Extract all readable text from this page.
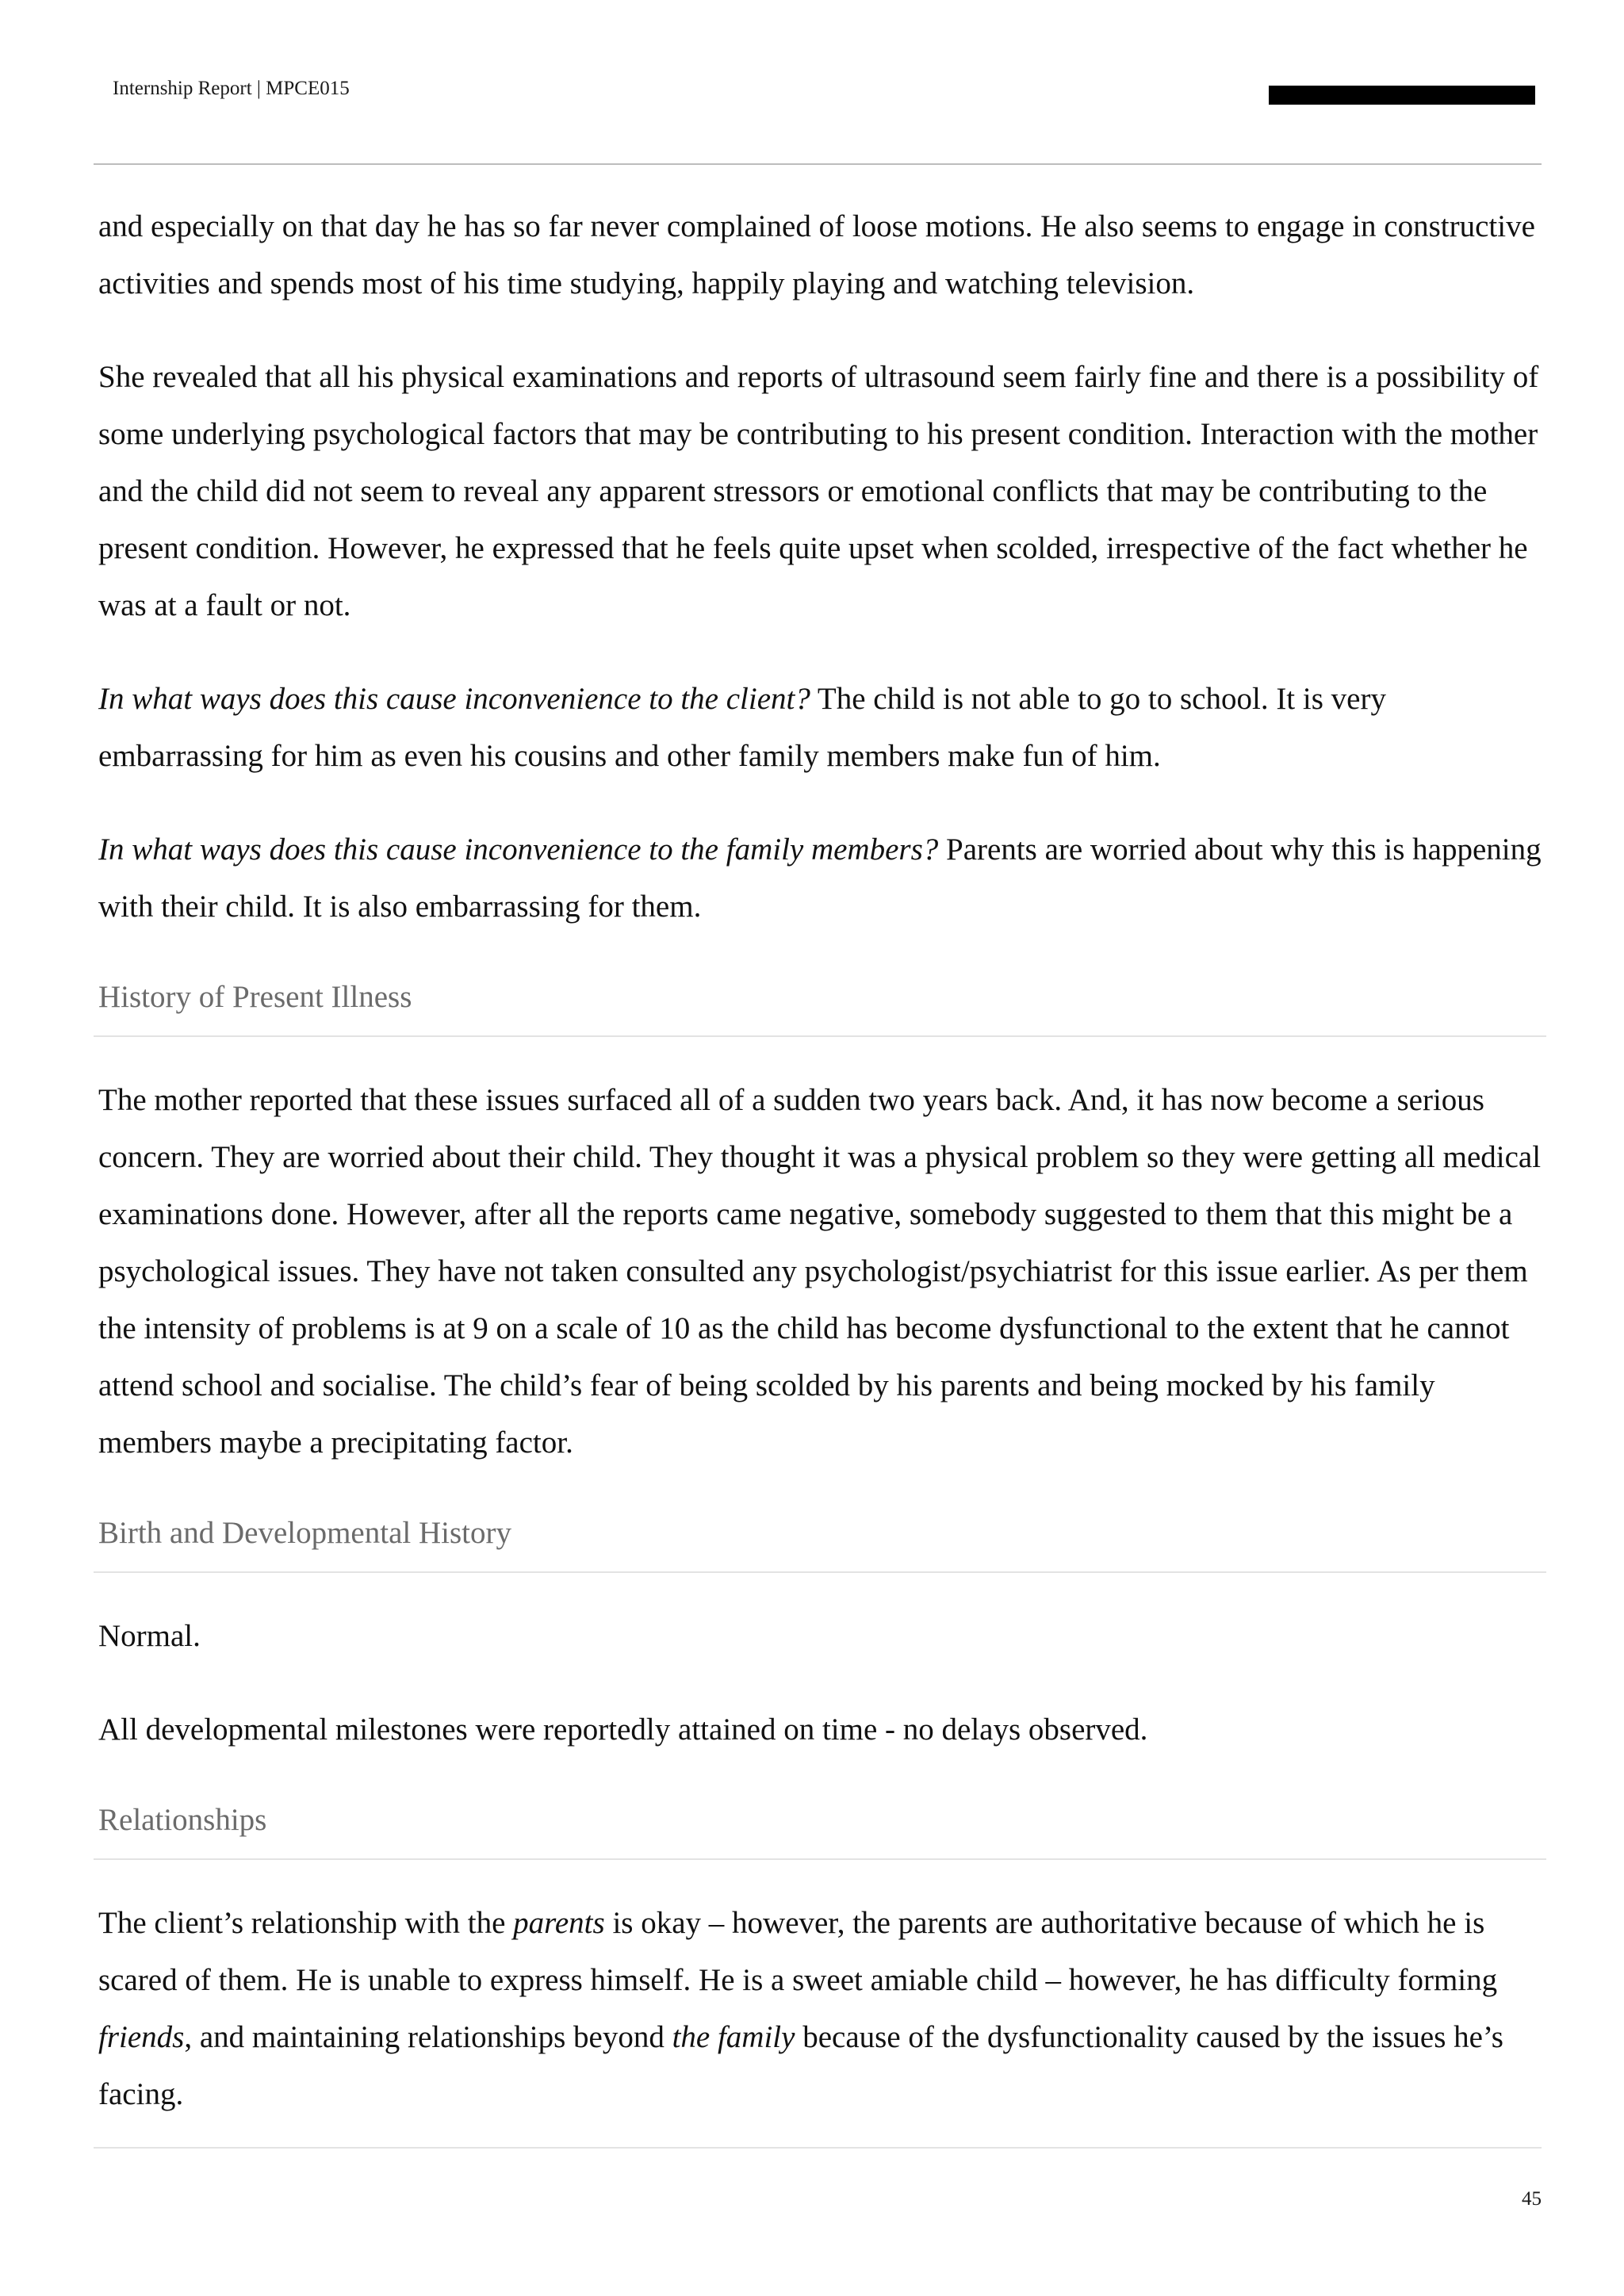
Internship Report | MPCE015

and especially on that day he has so far never complained of loose motions. He also seems to engage in constructive activities and spends most of his time studying, happily playing and watching television.

She revealed that all his physical examinations and reports of ultrasound seem fairly fine and there is a possibility of some underlying psychological factors that may be contributing to his present condition. Interaction with the mother and the child did not seem to reveal any apparent stressors or emotional conflicts that may be contributing to the present condition. However, he expressed that he feels quite upset when scolded, irrespective of the fact whether he was at a fault or not.

In what ways does this cause inconvenience to the client? The child is not able to go to school. It is very embarrassing for him as even his cousins and other family members make fun of him.

In what ways does this cause inconvenience to the family members? Parents are worried about why this is happening with their child. It is also embarrassing for them.

History of Present Illness

The mother reported that these issues surfaced all of a sudden two years back. And, it has now become a serious concern. They are worried about their child. They thought it was a physical problem so they were getting all medical examinations done. However, after all the reports came negative, somebody suggested to them that this might be a psychological issues. They have not taken consulted any psychologist/psychiatrist for this issue earlier. As per them the intensity of problems is at 9 on a scale of 10 as the child has become dysfunctional to the extent that he cannot attend school and socialise. The child’s fear of being scolded by his parents and being mocked by his family members maybe a precipitating factor.

Birth and Developmental History

Normal.

All developmental milestones were reportedly attained on time - no delays observed.

Relationships

The client’s relationship with the parents is okay – however, the parents are authoritative because of which he is scared of them. He is unable to express himself. He is a sweet amiable child – however, he has difficulty forming friends, and maintaining relationships beyond the family because of the dysfunctionality caused by the issues he’s facing.

45
